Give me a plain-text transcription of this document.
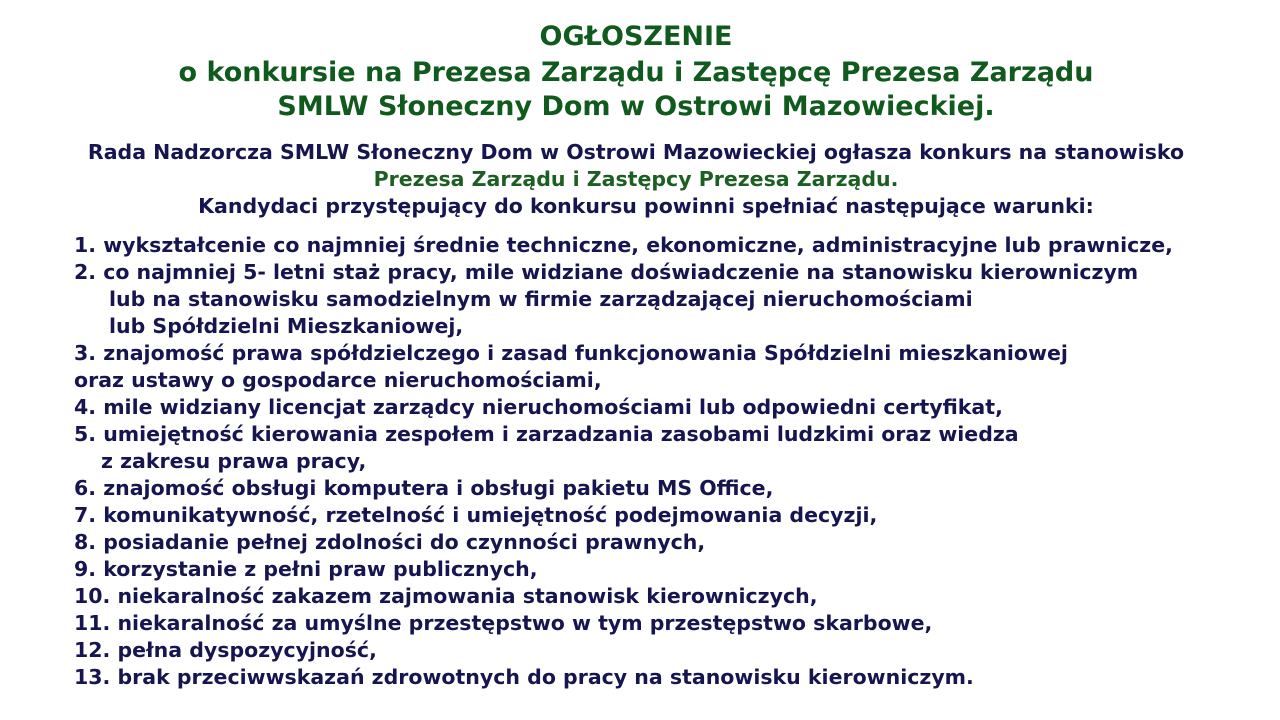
OGŁOSZENIE
o konkursie na Prezesa Zarządu i Zastępcę Prezesa Zarządu
SMLW Słoneczny Dom w Ostrowi Mazowieckiej.
Rada Nadzorcza SMLW Słoneczny Dom w Ostrowi Mazowieckiej ogłasza konkurs na stanowisko
Prezesa Zarządu i Zastępcy Prezesa Zarządu.
Kandydaci przystępujący do konkursu powinni spełniać następujące warunki:
1. wykształcenie co najmniej średnie techniczne, ekonomiczne, administracyjne lub prawnicze,
2. co najmniej 5- letni staż pracy, mile widziane doświadczenie na stanowisku kierowniczym
lub na stanowisku samodzielnym w firmie zarządzającej nieruchomościami
lub Spółdzielni Mieszkaniowej,
3. znajomość prawa spółdzielczego i zasad funkcjonowania Spółdzielni mieszkaniowej
oraz ustawy o gospodarce nieruchomościami,
4. mile widziany licencjat zarządcy nieruchomościami lub odpowiedni certyfikat,
5. umiejętność kierowania zespołem i zarzadzania zasobami ludzkimi oraz wiedza
z zakresu prawa pracy,
6. znajomość obsługi komputera i obsługi pakietu MS Office,
7. komunikatywność, rzetelność i umiejętność podejmowania decyzji,
8. posiadanie pełnej zdolności do czynności prawnych,
9. korzystanie z pełni praw publicznych,
10. niekaralność zakazem zajmowania stanowisk kierowniczych,
11. niekaralność za umyślne przestępstwo w tym przestępstwo skarbowe,
12. pełna dyspozycyjność,
13. brak przeciwwskazań zdrowotnych do pracy na stanowisku kierowniczym.
